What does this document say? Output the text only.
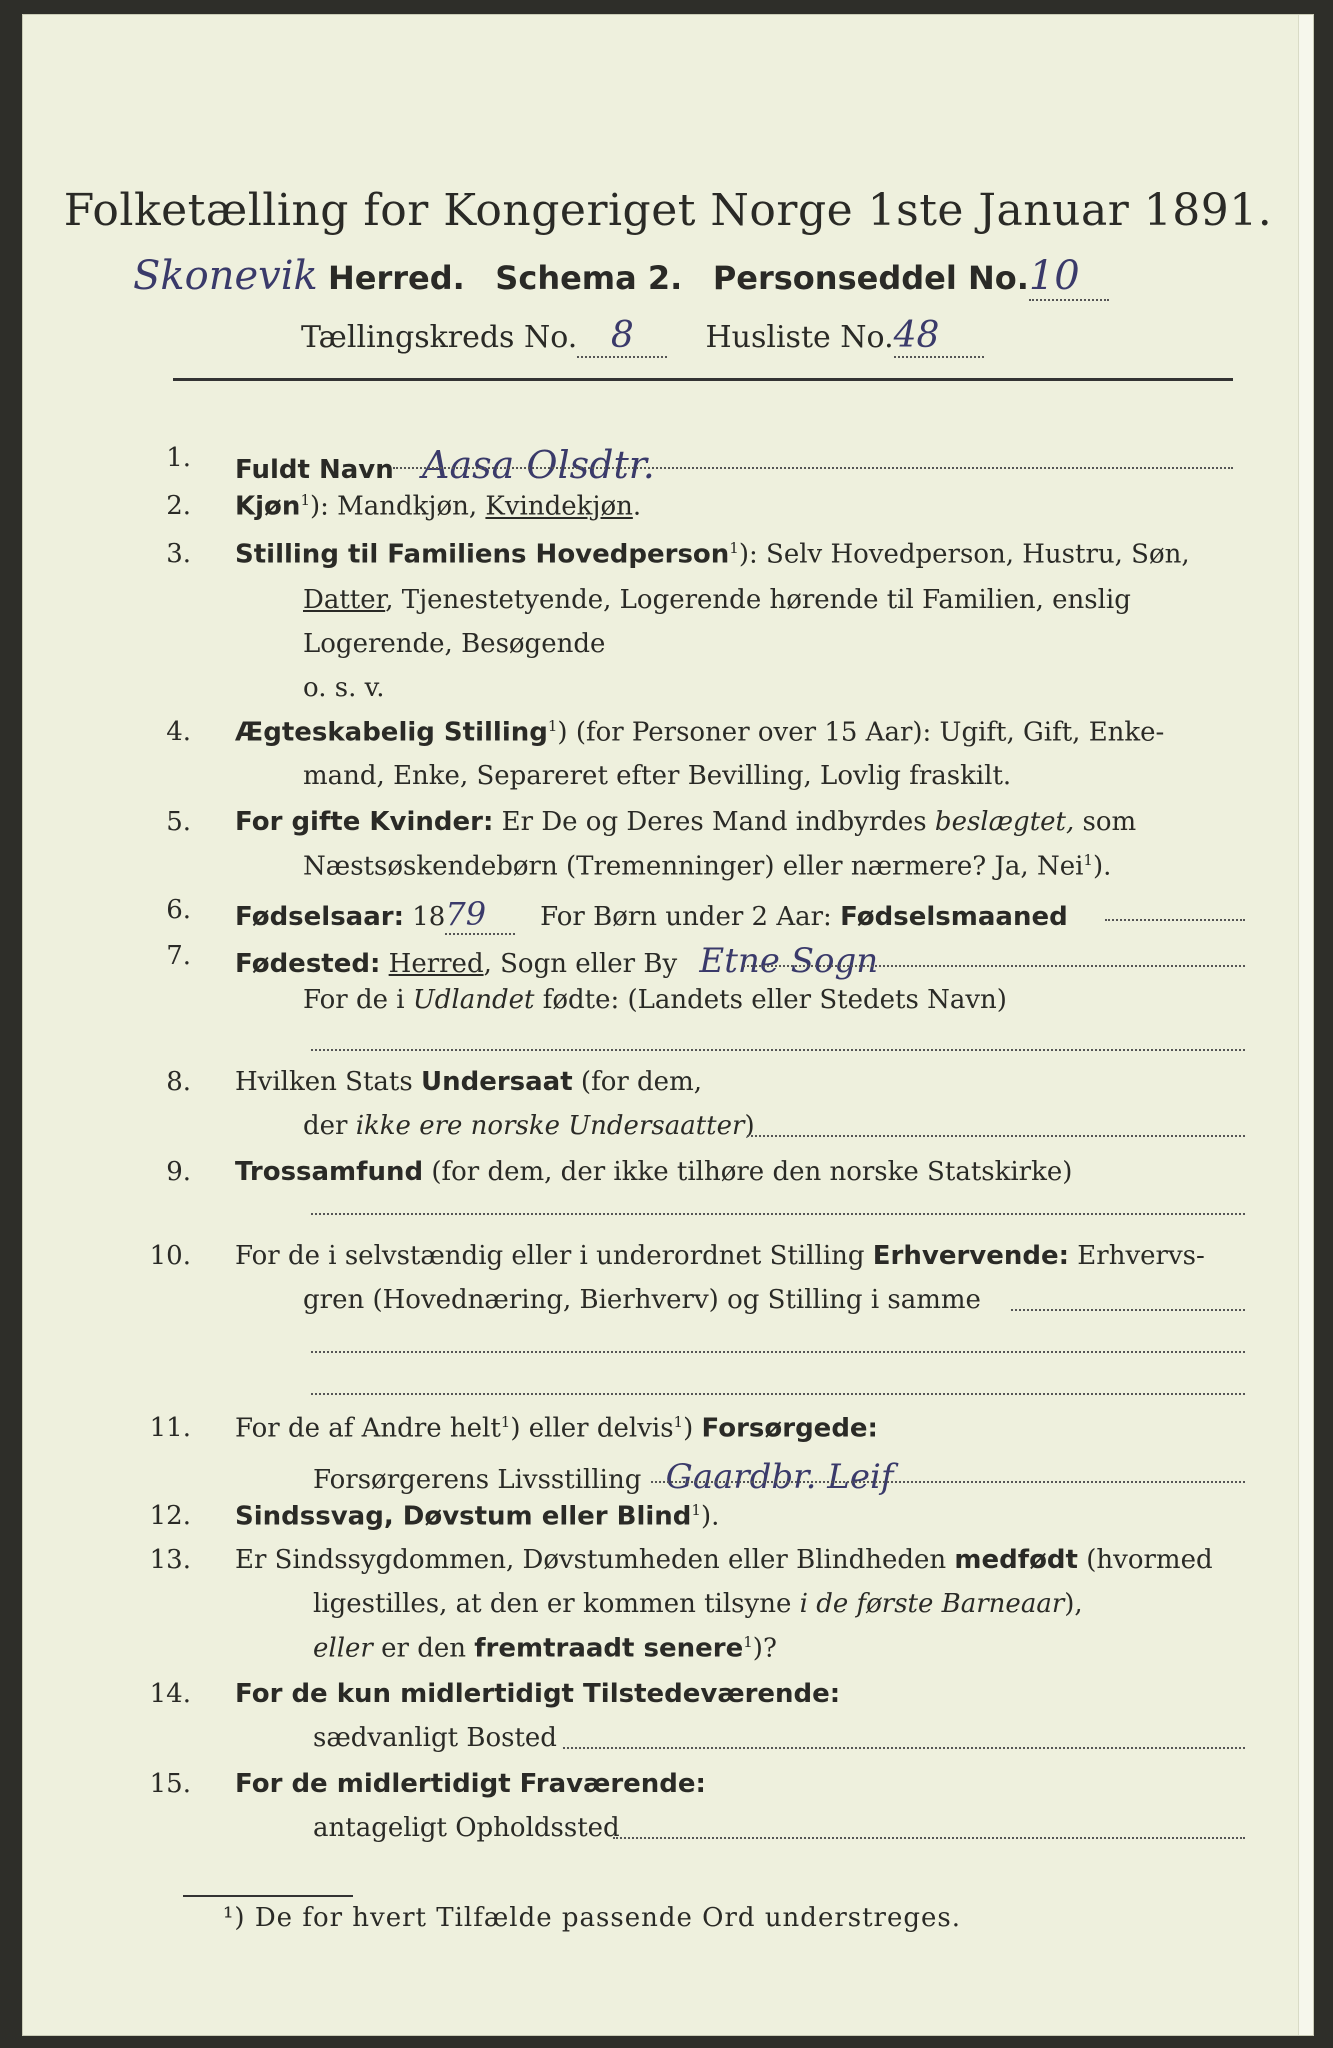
Folketælling for Kongeriget Norge 1ste Januar 1891.
Skonevik Herred. Schema 2. Personseddel No.10
Tællingskreds No. 8 Husliste No.48
1. Fuldt Navn Aasa Olsdtr.
2. Kjøn$^1$): Mandkjøn, Kvindekjøn.
3. Stilling til Familiens Hovedperson$^1$): Selv Hovedperson, Hustru, Søn,
Datter, Tjenestetyende, Logerende hørende til Familien, enslig
Logerende, Besøgende
o. s. v.
4. Ægteskabelig Stilling$^1$) (for Personer over 15 Aar): Ugift, Gift, Enke-
mand, Enke, Separeret efter Bevilling, Lovlig fraskilt.
5. For gifte Kvinder: Er De og Deres Mand indbyrdes beslægtet, som
Næstsøskendebørn (Tremenninger) eller nærmere? Ja, Nei$^1$).
6. Fødselsaar: 1879 For Børn under 2 Aar: Fødselsmaaned
7. Fødested: Herred, Sogn eller By Etne Sogn
For de i Udlandet fødte: (Landets eller Stedets Navn)
8. Hvilken Stats Undersaat (for dem,
der ikke ere norske Undersaatter)
9. Trossamfund (for dem, der ikke tilhøre den norske Statskirke)
10. For de i selvstændig eller i underordnet Stilling Erhvervende: Erhvervs-
gren (Hovednæring, Bierhverv) og Stilling i samme
11. For de af Andre helt$^1$) eller delvis$^1$) Forsørgede:
Forsørgerens Livsstilling Gaardbr. Leif
12. Sindssvag, Døvstum eller Blind$^1$).
13. Er Sindssygdommen, Døvstumheden eller Blindheden medfødt (hvormed
ligestilles, at den er kommen tilsyne i de første Barneaar),
eller er den fremtraadt senere$^1$)?
14. For de kun midlertidigt Tilstedeværende:
sædvanligt Bosted
15. For de midlertidigt Fraværende:
antageligt Opholdssted
¹) De for hvert Tilfælde passende Ord understreges.
